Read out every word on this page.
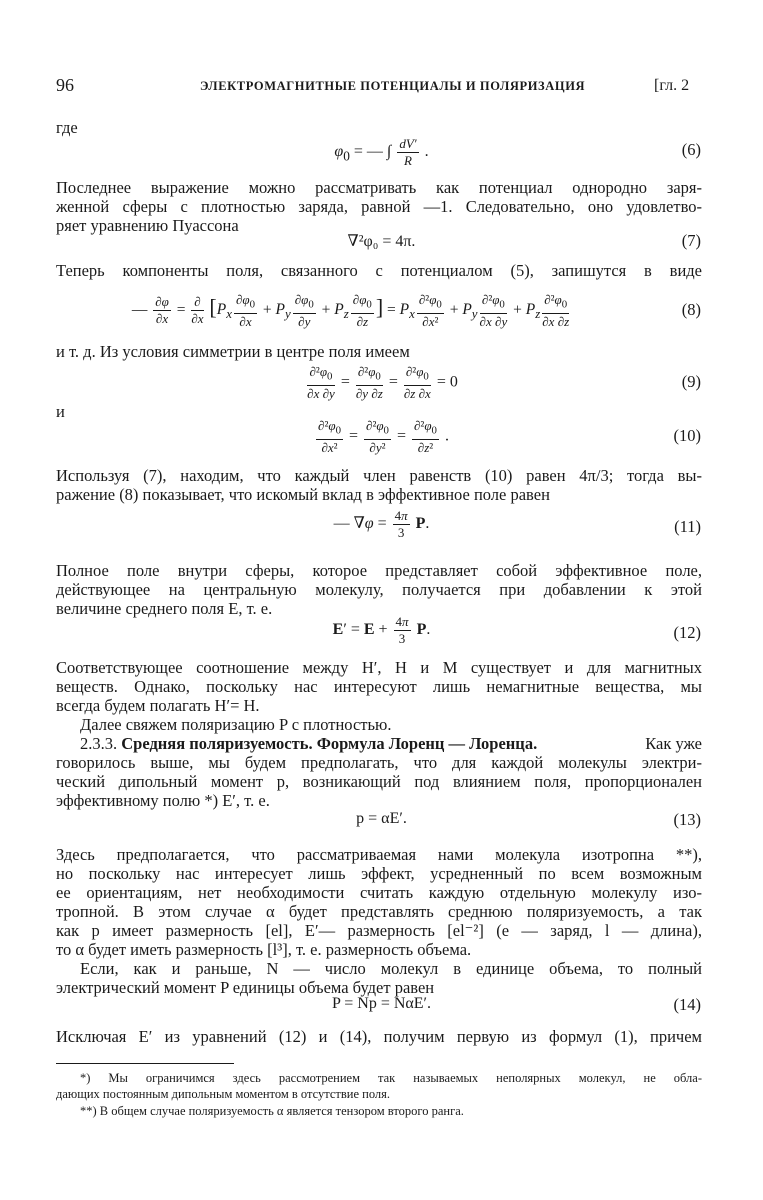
96	ЭЛЕКТРОМАГНИТНЫЕ ПОТЕНЦИАЛЫ И ПОЛЯРИЗАЦИЯ	[гл. 2
где
$\varphi_0$ = — ∫ $\frac{dV'}{R}$ .	(6)
Последнее выражение можно рассматривать как потенциал однородно заря-
женной сферы с плотностью заряда, равной —1. Следовательно, оно удовлетво-
ряет уравнению Пуассона
∇²φ₀ = 4π.	(7)
Теперь компоненты поля, связанного с потенциалом (5), запишутся в виде
— $\frac{\partial\varphi}{\partial x} = \frac{\partial}{\partial x} [P_x \frac{\partial\varphi_0}{\partial x} + P_y \frac{\partial\varphi_0}{\partial y} + P_z \frac{\partial\varphi_0}{\partial z}$ ] = $P_x \frac{\partial^2\varphi_0}{\text{∂x²}} + P_y \frac{\partial^2\varphi_0}{\partial x \partial y} + P_z \frac{\partial^2\varphi_0}{\partial x \partial z}$	(8)
и т. д. Из условия симметрии в центре поля имеем
$\frac{\partial^2\varphi_0}{\partial x \partial y} = \frac{\partial^2\varphi_0}{\partial y \partial z} = \frac{\partial^2\varphi_0}{\partial z \partial x} = 0$	(9)
и
$\frac{\partial^2\varphi_0}{\text{∂x²}} = \frac{\partial^2\varphi_0}{\text{∂y²}} = \frac{\partial^2\varphi_0}{\text{∂z²}}$ .	(10)
Используя (7), находим, что каждый член равенств (10) равен 4π/3; тогда вы-
ражение (8) показывает, что искомый вклад в эффективное поле равен
— $\nabla\varphi = \frac{4\pi}{3} P$.	(11)
Полное поле внутри сферы, которое представляет собой эффективное поле,
действующее на центральную молекулу, получается при добавлении к этой
величине среднего поля E, т. е.
$E' = E + \frac{4\pi}{3} P$.	(12)
Соответствующее соотношение между H′, H и M существует и для магнитных
веществ. Однако, поскольку нас интересуют лишь немагнитные вещества, мы
всегда будем полагать H′= H.
Далее свяжем поляризацию P с плотностью.
2.3.3. Средняя поляризуемость. Формула Лоренц — Лоренца.	Как уже
говорилось выше, мы будем предполагать, что для каждой молекулы электри-
ческий дипольный момент p, возникающий под влиянием поля, пропорционален
эффективному полю *) E′, т. е.
p = αE′.	(13)
Здесь предполагается, что рассматриваемая нами молекула изотропна **),
но поскольку нас интересует лишь эффект, усредненный по всем возможным
ее ориентациям, нет необходимости считать каждую отдельную молекулу изо-
тропной. В этом случае α будет представлять среднюю поляризуемость, а так
как p имеет размерность [el], E′— размерность [el⁻²] (e — заряд, l — длина),
то α будет иметь размерность [l³], т. е. размерность объема.
Если, как и раньше, N — число молекул в единице объема, то полный
электрический момент P единицы объема будет равен
P = Np = NαE′.	(14)
Исключая E′ из уравнений (12) и (14), получим первую из формул (1), причем
*) Мы ограничимся здесь рассмотрением так называемых неполярных молекул, не обла-
дающих постоянным дипольным моментом в отсутствие поля.
**) В общем случае поляризуемость α является тензором второго ранга.
